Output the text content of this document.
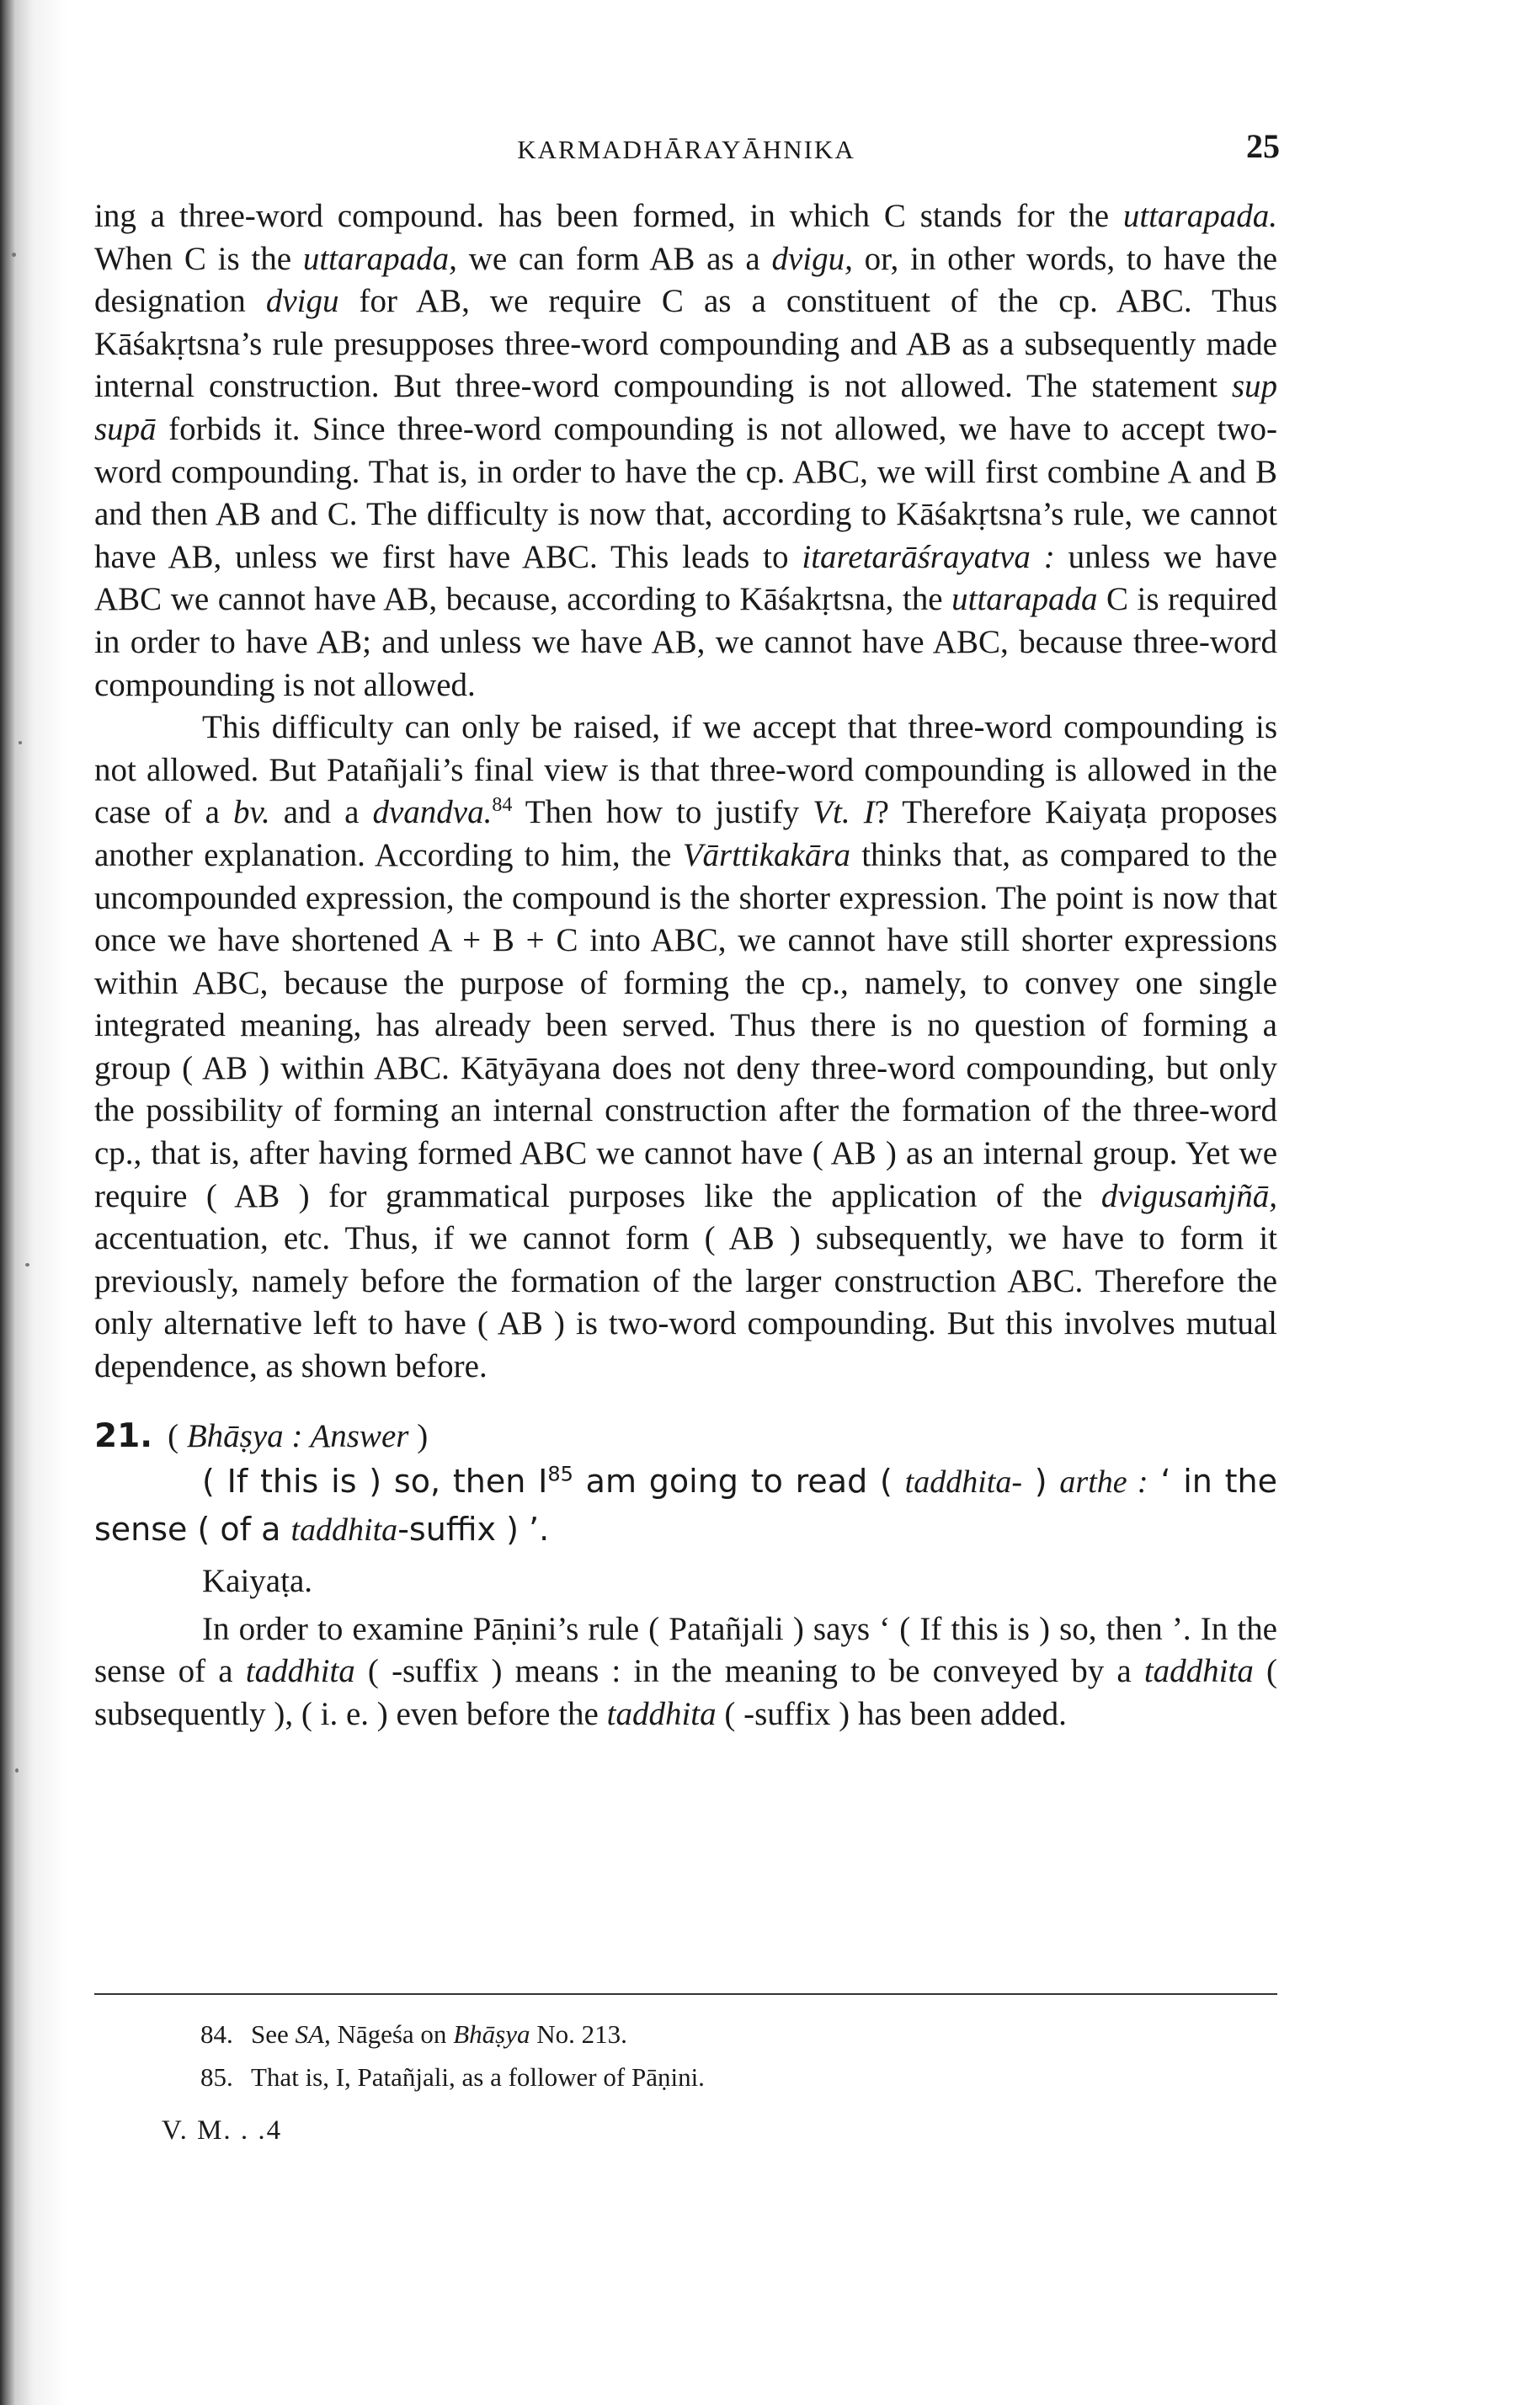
KARMADHĀRAYĀHNIKA	25

ing a three-word compound. has been formed, in which C stands for the uttarapada. When C is the uttarapada, we can form AB as a dvigu, or, in other words, to have the designation dvigu for AB, we require C as a constituent of the cp. ABC. Thus Kāśakṛtsna’s rule presupposes three-word compounding and AB as a subsequently made internal construction. But three-word compounding is not allowed. The statement sup supā forbids it. Since three-word compounding is not allowed, we have to accept two-word compounding. That is, in order to have the cp. ABC, we will first combine A and B and then AB and C. The difficulty is now that, according to Kāśakṛtsna’s rule, we cannot have AB, unless we first have ABC. This leads to itaretarāśrayatva : unless we have ABC we cannot have AB, because, according to Kāśakṛtsna, the uttarapada C is required in order to have AB; and unless we have AB, we cannot have ABC, because three-word compounding is not allowed.

This difficulty can only be raised, if we accept that three-word compounding is not allowed. But Patañjali’s final view is that three-word compounding is allowed in the case of a bv. and a dvandva.$^{84}$ Then how to justify Vt. I? Therefore Kaiyaṭa proposes another explanation. According to him, the Vārttikakāra thinks that, as compared to the uncompounded expression, the compound is the shorter expression. The point is now that once we have shortened A + B + C into ABC, we cannot have still shorter expressions within ABC, because the purpose of forming the cp., namely, to convey one single integrated meaning, has already been served. Thus there is no question of forming a group ( AB ) within ABC. Kātyāyana does not deny three-word compounding, but only the possibility of forming an internal construction after the formation of the three-word cp., that is, after having formed ABC we cannot have ( AB ) as an internal group. Yet we require ( AB ) for grammatical purposes like the application of the dvigusaṁjñā, accentuation, etc. Thus, if we cannot form ( AB ) subsequently, we have to form it previously, namely before the formation of the larger construction ABC. Therefore the only alternative left to have ( AB ) is two-word compounding. But this involves mutual dependence, as shown before.

21. ( Bhāṣya : Answer )

( If this is ) so, then $I^{85}$ am going to read ( taddhita- ) arthe : ‘ in the sense ( of a taddhita-suffix ) ’.

Kaiyaṭa.

In order to examine Pāṇini’s rule ( Patañjali ) says ‘ ( If this is ) so, then ’. In the sense of a taddhita ( -suffix ) means : in the meaning to be conveyed by a taddhita ( subsequently ), ( i. e. ) even before the taddhita ( -suffix ) has been added.

84. See SA, Nāgeśa on Bhāṣya No. 213.
85. That is, I, Patañjali, as a follower of Pāṇini.
V. M. . .4
